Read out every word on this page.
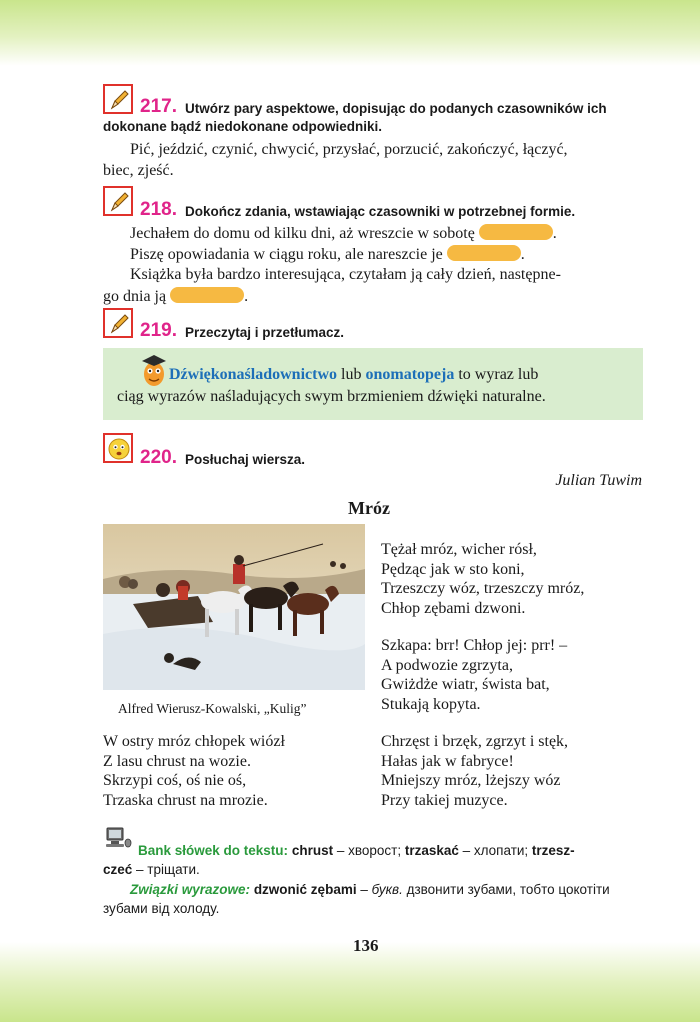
217. Utwórz pary aspektowe, dopisując do podanych czasowników ich
dokonane bądź niedokonane odpowiedniki.
Pić, jeździć, czynić, chwycić, przysłać, porzucić, zakończyć, łączyć,
biec, zjeść.
218. Dokończ zdania, wstawiając czasowniki w potrzebnej formie.
Jechałem do domu od kilku dni, aż wreszcie w sobotę	.
Piszę opowiadania w ciągu roku, ale nareszcie je	.
Książka była bardzo interesująca, czytałam ją cały dzień, następne-
go dnia ją	.
219. Przeczytaj i przetłumacz.
Dźwiękonaśladownictwo lub onomatopeja to wyraz lub
ciąg wyrazów naśladujących swym brzmieniem dźwięki naturalne.
220. Posłuchaj wiersza.
Julian Tuwim
Mróz
Alfred Wierusz-Kowalski, „Kulig”
Tężał mróz, wicher rósł,
Pędząc jak w sto koni,
Trzeszczy wóz, trzeszczy mróz,
Chłop zębami dzwoni.
Szkapa: brr! Chłop jej: prr! –
A podwozie zgrzyta,
Gwiżdże wiatr, śwista bat,
Stukają kopyta.
W ostry mróz chłopek wiózł
Z lasu chrust na wozie.
Skrzypi coś, oś nie oś,
Trzaska chrust na mrozie.
Chrzęst i brzęk, zgrzyt i stęk,
Hałas jak w fabryce!
Mniejszy mróz, lżejszy wóz
Przy takiej muzyce.
Bank słówek do tekstu: chrust – хворост; trzaskać – хлопати; trzesz-
czeć – тріщати.
Związki wyrazowe: dzwonić zębami – букв. дзвонити зубами, тобто цокотіти
зубами від холоду.
136
